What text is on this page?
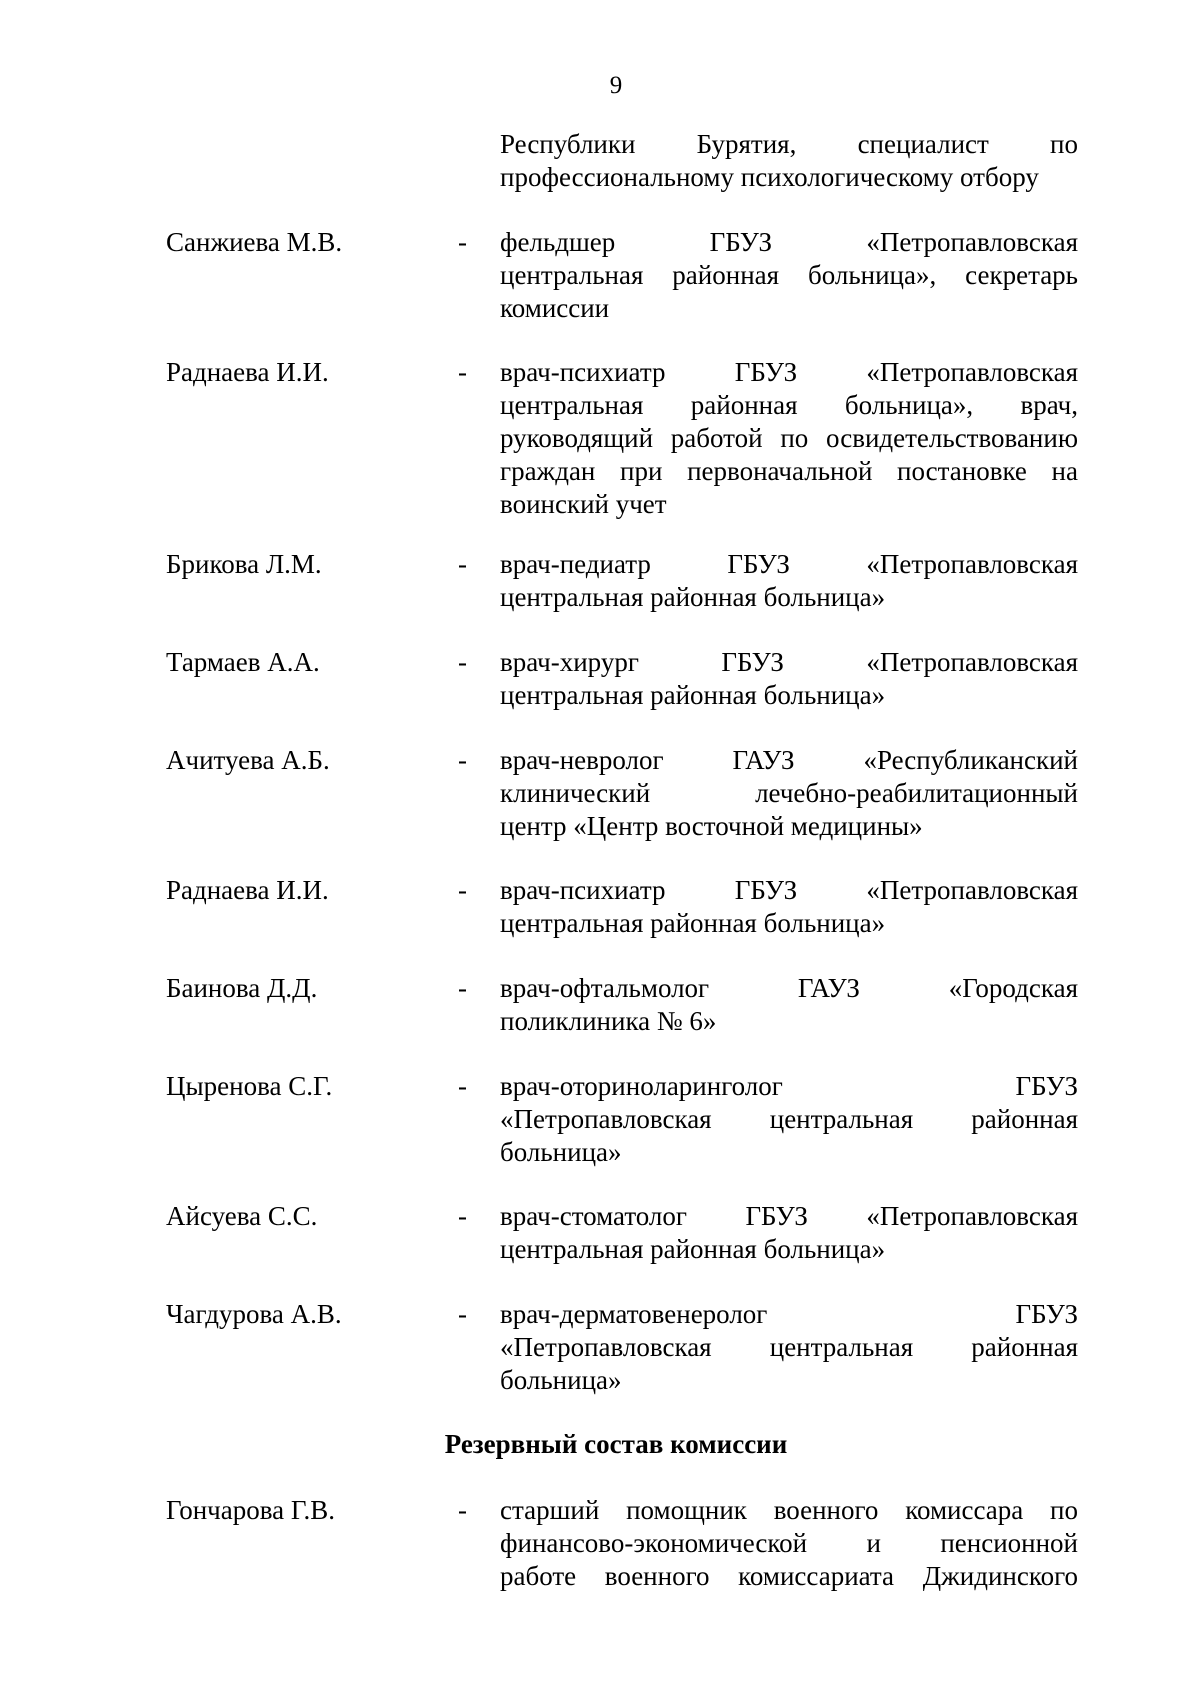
9
Республики Бурятия, специалист по
профессиональному психологическому отбору
Санжиева М.В.	- фельдшер ГБУЗ «Петропавловская
центральная районная больница», секретарь
комиссии
Раднаева И.И.	- врач-психиатр ГБУЗ «Петропавловская
центральная районная больница», врач,
руководящий работой по освидетельствованию
граждан при первоначальной постановке на
воинский учет
Брикова Л.М.	- врач-педиатр ГБУЗ «Петропавловская
центральная районная больница»
Тармаев А.А.	- врач-хирург ГБУЗ «Петропавловская
центральная районная больница»
Ачитуева А.Б.	- врач-невролог ГАУЗ «Республиканский
клинический лечебно-реабилитационный
центр «Центр восточной медицины»
Раднаева И.И.	- врач-психиатр ГБУЗ «Петропавловская
центральная районная больница»
Баинова Д.Д.	- врач-офтальмолог ГАУЗ «Городская
поликлиника № 6»
Цыренова С.Г.	- врач-оториноларинголог ГБУЗ
«Петропавловская центральная районная
больница»
Айсуева С.С.	- врач-стоматолог ГБУЗ «Петропавловская
центральная районная больница»
Чагдурова А.В.	- врач-дерматовенеролог ГБУЗ
«Петропавловская центральная районная
больница»
Резервный состав комиссии
Гончарова Г.В.	- старший помощник военного комиссара по
финансово-экономической и пенсионной
работе военного комиссариата Джидинского
